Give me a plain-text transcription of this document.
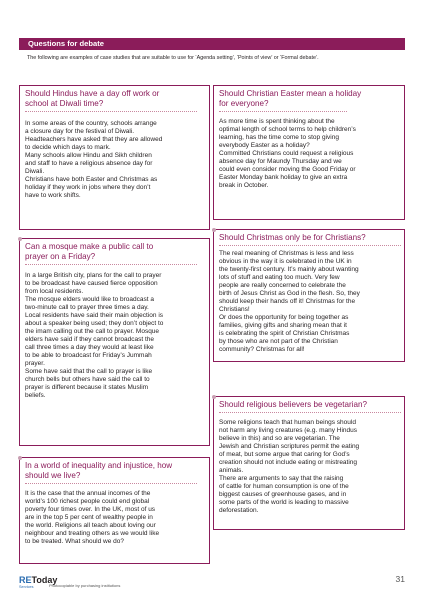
Questions for debate
The following are examples of case studies that are suitable to use for ‘Agenda setting’, ‘Points of view’ or ‘Formal debate’.
Should Hindus have a day off work or
school at Diwali time?
In some areas of the country, schools arrange
a closure day for the festival of Diwali.
Headteachers have asked that they are allowed
to decide which days to mark.
Many schools allow Hindu and Sikh children
and staff to have a religious absence day for
Diwali.
Christians have both Easter and Christmas as
holiday if they work in jobs where they don’t
have to work shifts.
Can a mosque make a public call to
prayer on a Friday?
In a large British city, plans for the call to prayer
to be broadcast have caused fierce opposition
from local residents.
The mosque elders would like to broadcast a
two-minute call to prayer three times a day.
Local residents have said their main objection is
about a speaker being used; they don’t object to
the imam calling out the call to prayer. Mosque
elders have said if they cannot broadcast the
call three times a day they would at least like
to be able to broadcast for Friday’s Jummah
prayer.
Some have said that the call to prayer is like
church bells but others have said the call to
prayer is different because it states Muslim
beliefs.
In a world of inequality and injustice, how
should we live?
It is the case that the annual incomes of the
world’s 100 richest people could end global
poverty four times over. In the UK, most of us
are in the top 5 per cent of wealthy people in
the world. Religions all teach about loving our
neighbour and treating others as we would like
to be treated. What should we do?
Should Christian Easter mean a holiday
for everyone?
As more time is spent thinking about the
optimal length of school terms to help children’s
learning, has the time come to stop giving
everybody Easter as a holiday?
Committed Christians could request a religious
absence day for Maundy Thursday and we
could even consider moving the Good Friday or
Easter Monday bank holiday to give an extra
break in October.
Should Christmas only be for Christians?
The real meaning of Christmas is less and less
obvious in the way it is celebrated in the UK in
the twenty-first century. It’s mainly about wanting
lots of stuff and eating too much. Very few
people are really concerned to celebrate the
birth of Jesus Christ as God in the flesh. So, they
should keep their hands off it! Christmas for the
Christians!
Or does the opportunity for being together as
families, giving gifts and sharing mean that it
is celebrating the spirit of Christian Christmas
by those who are not part of the Christian
community? Christmas for all!
Should religious believers be vegetarian?
Some religions teach that human beings should
not harm any living creatures (e.g. many Hindus
believe in this) and so are vegetarian. The
Jewish and Christian scriptures permit the eating
of meat, but some argue that caring for God’s
creation should not include eating or mistreating
animals.
There are arguments to say that the raising
of cattle for human consumption is one of the
biggest causes of greenhouse gases, and in
some parts of the world is leading to massive
deforestation.
REToday
Services	Photocopiable by purchasing institutions
31
